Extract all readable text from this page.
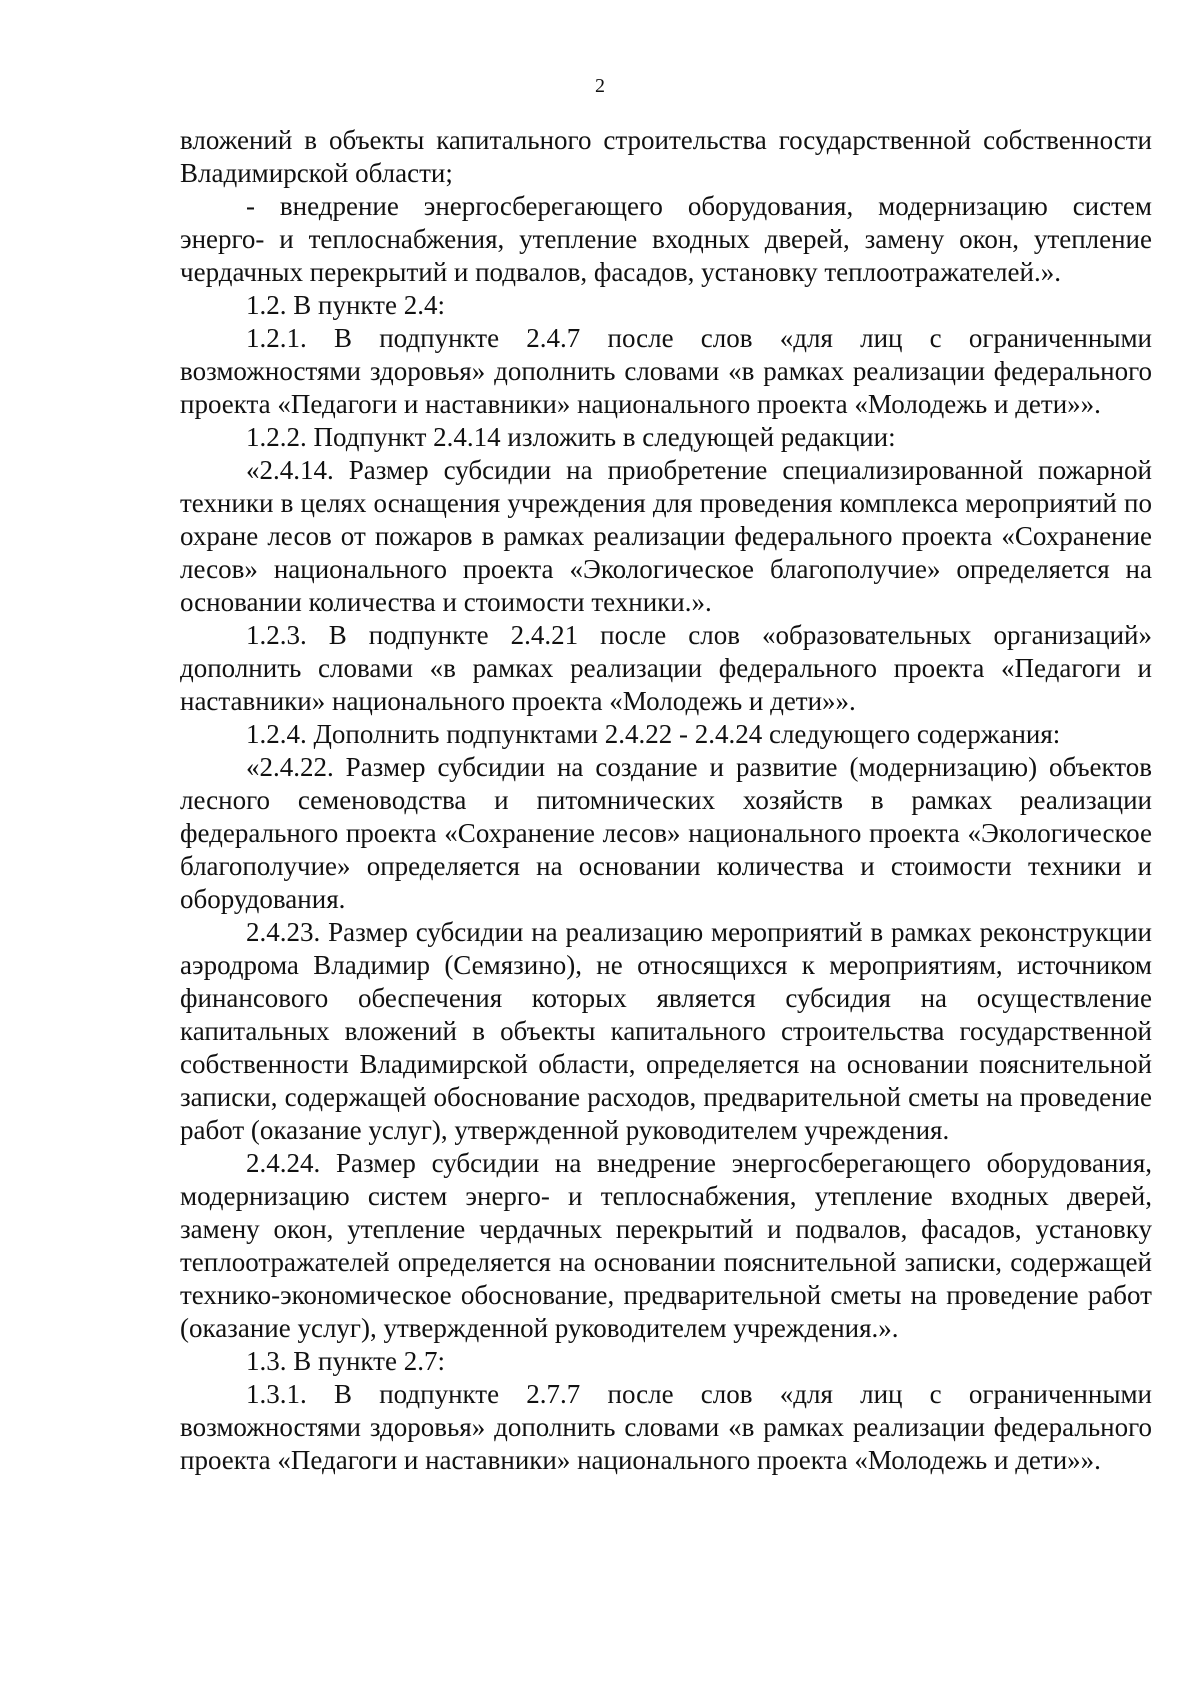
2

вложений в объекты капитального строительства государственной собственности Владимирской области;

- внедрение энергосберегающего оборудования, модернизацию систем энерго- и теплоснабжения, утепление входных дверей, замену окон, утепление чердачных перекрытий и подвалов, фасадов, установку теплоотражателей.».

1.2. В пункте 2.4:

1.2.1. В подпункте 2.4.7 после слов «для лиц с ограниченными возможностями здоровья» дополнить словами «в рамках реализации федерального проекта «Педагоги и наставники» национального проекта «Молодежь и дети»».

1.2.2. Подпункт 2.4.14 изложить в следующей редакции:

«2.4.14. Размер субсидии на приобретение специализированной пожарной техники в целях оснащения учреждения для проведения комплекса мероприятий по охране лесов от пожаров в рамках реализации федерального проекта «Сохранение лесов» национального проекта «Экологическое благополучие» определяется на основании количества и стоимости техники.».

1.2.3. В подпункте 2.4.21 после слов «образовательных организаций» дополнить словами «в рамках реализации федерального проекта «Педагоги и наставники» национального проекта «Молодежь и дети»».

1.2.4. Дополнить подпунктами 2.4.22 - 2.4.24 следующего содержания:

«2.4.22. Размер субсидии на создание и развитие (модернизацию) объектов лесного семеноводства и питомнических хозяйств в рамках реализации федерального проекта «Сохранение лесов» национального проекта «Экологическое благополучие» определяется на основании количества и стоимости техники и оборудования.

2.4.23. Размер субсидии на реализацию мероприятий в рамках реконструкции аэродрома Владимир (Семязино), не относящихся к мероприятиям, источником финансового обеспечения которых является субсидия на осуществление капитальных вложений в объекты капитального строительства государственной собственности Владимирской области, определяется на основании пояснительной записки, содержащей обоснование расходов, предварительной сметы на проведение работ (оказание услуг), утвержденной руководителем учреждения.

2.4.24. Размер субсидии на внедрение энергосберегающего оборудования, модернизацию систем энерго- и теплоснабжения, утепление входных дверей, замену окон, утепление чердачных перекрытий и подвалов, фасадов, установку теплоотражателей определяется на основании пояснительной записки, содержащей технико-экономическое обоснование, предварительной сметы на проведение работ (оказание услуг), утвержденной руководителем учреждения.».

1.3. В пункте 2.7:

1.3.1. В подпункте 2.7.7 после слов «для лиц с ограниченными возможностями здоровья» дополнить словами «в рамках реализации федерального проекта «Педагоги и наставники» национального проекта «Молодежь и дети»».
